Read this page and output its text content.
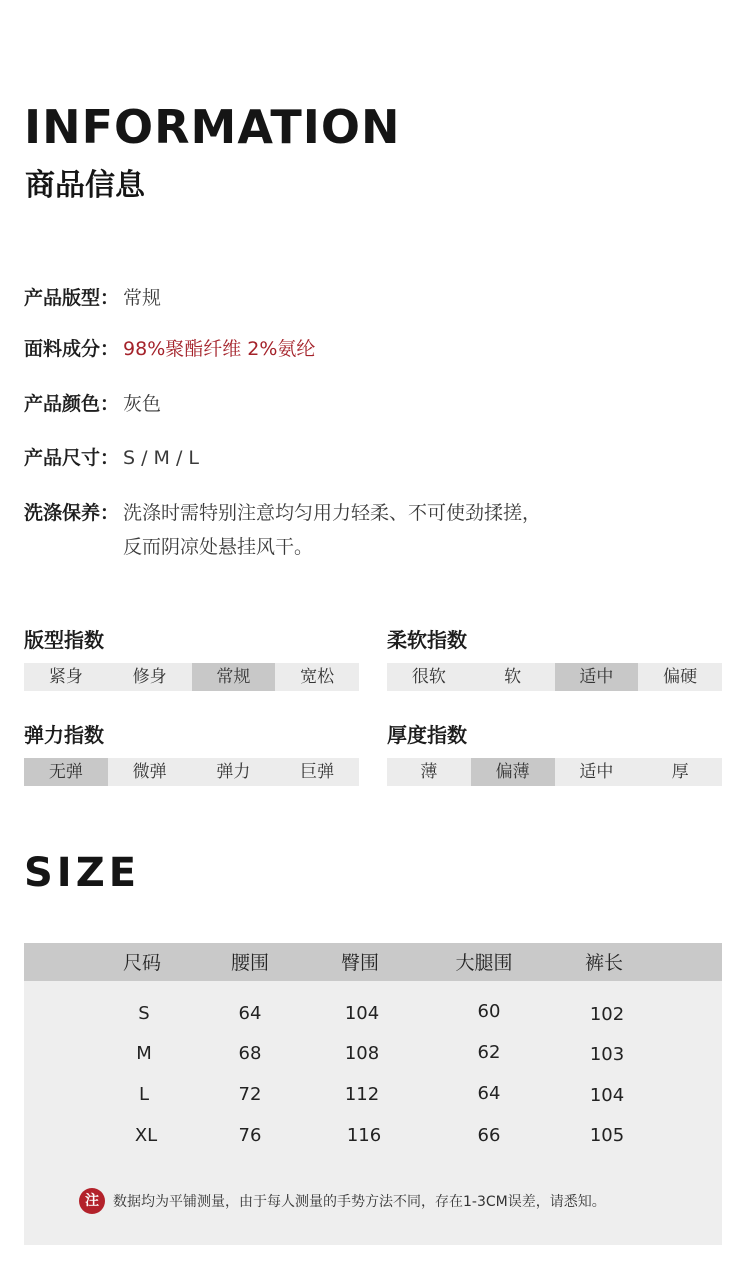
INFORMATION
商品信息
产品版型： 常规
面料成分： 98%聚酯纤维 2%氨纶
产品颜色： 灰色
产品尺寸： S / M / L
洗涤保养： 洗涤时需特别注意均匀用力轻柔、不可使劲揉搓，
反而阴凉处悬挂风干。
版型指数
紧身	修身	常规	宽松
柔软指数
很软	软	适中	偏硬
弹力指数
无弹	微弹	弹力	巨弹
厚度指数
薄	偏薄	适中	厚
SIZE
尺码	腰围	臀围	大腿围	裤长
S	64	104	60	102
M	68	108	62	103
L	72	112	64	104
XL	76	116	66	105
注	数据均为平铺测量，由于每人测量的手势方法不同，存在1-3CM误差，请悉知。
